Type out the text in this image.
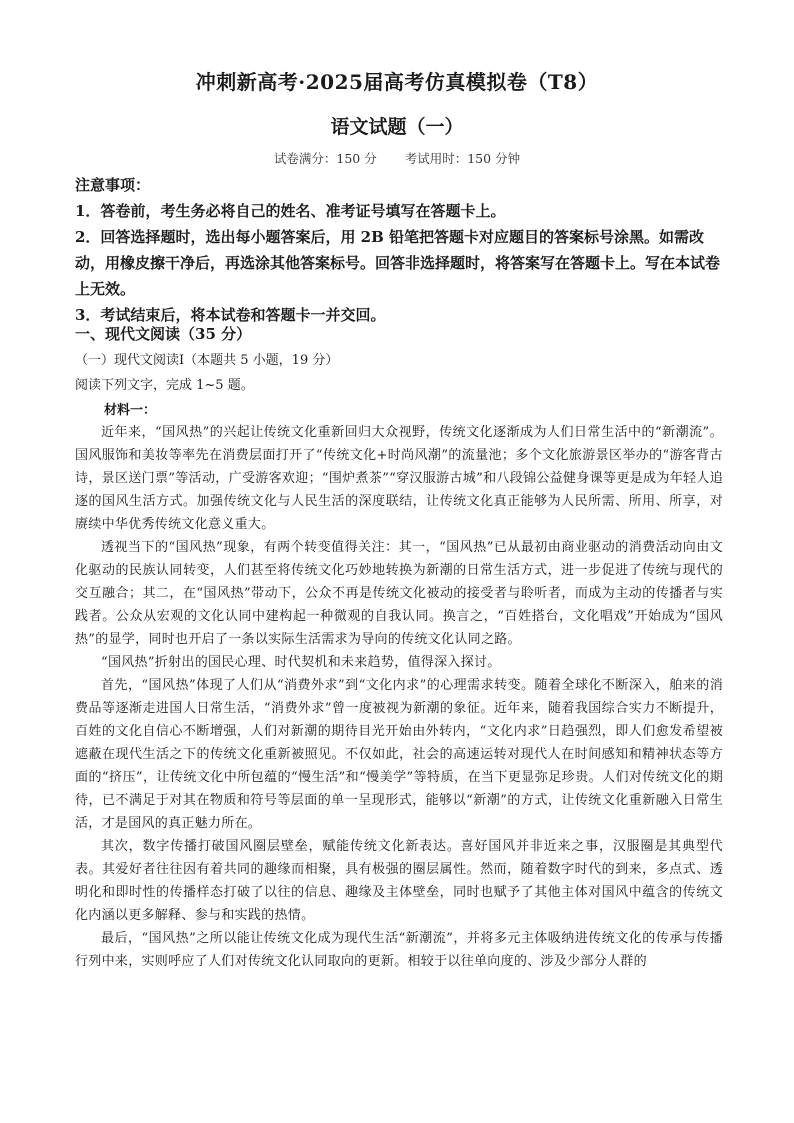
冲刺新高考·2025届高考仿真模拟卷（T8）
语文试题（一）
试卷满分：150 分 考试用时：150 分钟

注意事项：

1．答卷前，考生务必将自己的姓名、准考证号填写在答题卡上。

2．回答选择题时，选出每小题答案后，用 2B 铅笔把答题卡对应题目的答案标号涂黑。如需改动，用橡皮擦干净后，再选涂其他答案标号。回答非选择题时，将答案写在答题卡上。写在本试卷上无效。

3．考试结束后，将本试卷和答题卡一并交回。

一、现代文阅读（35 分）
（一）现代文阅读Ⅰ（本题共 5 小题，19 分）
阅读下列文字，完成 1~5 题。
材料一：

近年来，“国风热”的兴起让传统文化重新回归大众视野，传统文化逐渐成为人们日常生活中的“新潮流”。国风服饰和美妆等率先在消费层面打开了“传统文化+时尚风潮”的流量池；多个文化旅游景区举办的“游客背古诗，景区送门票”等活动，广受游客欢迎；“围炉煮茶”“穿汉服游古城”和八段锦公益健身课等更是成为年轻人追逐的国风生活方式。加强传统文化与人民生活的深度联结，让传统文化真正能够为人民所需、所用、所享，对赓续中华优秀传统文化意义重大。

透视当下的“国风热”现象，有两个转变值得关注：其一，“国风热”已从最初由商业驱动的消费活动向由文化驱动的民族认同转变，人们甚至将传统文化巧妙地转换为新潮的日常生活方式，进一步促进了传统与现代的交互融合；其二，在“国风热”带动下，公众不再是传统文化被动的接受者与聆听者，而成为主动的传播者与实践者。公众从宏观的文化认同中建构起一种微观的自我认同。换言之，“百姓搭台，文化唱戏”开始成为“国风热”的显学，同时也开启了一条以实际生活需求为导向的传统文化认同之路。

“国风热”折射出的国民心理、时代契机和未来趋势，值得深入探讨。

首先，“国风热”体现了人们从“消费外求”到“文化内求”的心理需求转变。随着全球化不断深入，舶来的消费品等逐渐走进国人日常生活，“消费外求”曾一度被视为新潮的象征。近年来，随着我国综合实力不断提升，百姓的文化自信心不断增强，人们对新潮的期待目光开始由外转内，“文化内求”日趋强烈，即人们愈发希望被遮蔽在现代生活之下的传统文化重新被照见。不仅如此，社会的高速运转对现代人在时间感知和精神状态等方面的“挤压”，让传统文化中所包蕴的“慢生活”和“慢美学”等特质，在当下更显弥足珍贵。人们对传统文化的期待，已不满足于对其在物质和符号等层面的单一呈现形式，能够以“新潮”的方式，让传统文化重新融入日常生活，才是国风的真正魅力所在。

其次，数字传播打破国风圈层壁垒，赋能传统文化新表达。喜好国风并非近来之事，汉服圈是其典型代表。其爱好者往往因有着共同的趣缘而相聚，具有极强的圈层属性。然而，随着数字时代的到来，多点式、透明化和即时性的传播样态打破了以往的信息、趣缘及主体壁垒，同时也赋予了其他主体对国风中蕴含的传统文化内涵以更多解释、参与和实践的热情。

最后，“国风热”之所以能让传统文化成为现代生活“新潮流”，并将多元主体吸纳进传统文化的传承与传播行列中来，实则呼应了人们对传统文化认同取向的更新。相较于以往单向度的、涉及少部分人群的
